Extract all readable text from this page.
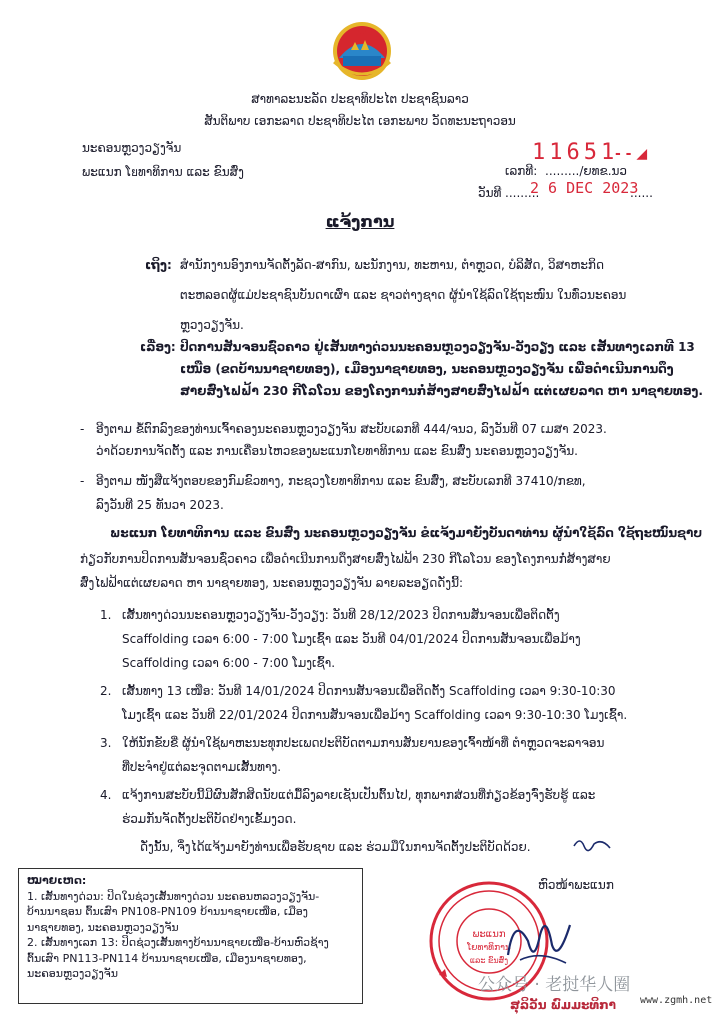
ສາທາລະນະລັດ ປະຊາທິປະໄຕ ປະຊາຊົນລາວ
ສັນຕິພາບ ເອກະລາດ ປະຊາທິປະໄຕ ເອກະພາບ ວັດທະນະຖາວອນ
ນະຄອນຫຼວງວຽງຈັນ
ພະແນກ ໂยທາທິການ ແລະ ຂົນສົ່ງ
11651
- - ◢
ເລກທີ: ........./ຍທຂ.ນວ
2 6 DEC 2023
ວັນທີ .........	......
ແຈ້ງການ
ເຖິງ: ສຳນັກງານອົງການຈັດຕັ້ງລັດ-ສາກົນ, ພະນັກງານ, ທະຫານ, ຕຳຫຼວດ, ບໍລິສັດ, ວິສາຫະກິດ
ຕະຫລອດຜູ້ແມ່ປະຊາຊົນບັນດາເຜົ່າ ແລະ ຊາວຕ່າງຊາດ ຜູ້ນຳໃຊ້ລົດໃຊ້ຖະໜົນ ໃນທົ່ວນະຄອນ
ຫຼວງວຽງຈັນ.
ເລື່ອງ: ປິດການສັນຈອນຊົ່ວຄາວ ຢູ່ເສັ້ນທາງດ່ວນນະຄອນຫຼວງວຽງຈັນ-ວັງວຽງ ແລະ ເສັ້ນທາງເລກທີ 13
ເໜືອ (ຂດບ້ານນາຊາຍທອງ), ເມືອງນາຊາຍທອງ, ນະຄອນຫຼວງວຽງຈັນ ເພື່ອດຳເນີນການດຶງ
ສາຍສົ່ງໄຟຟ້າ 230 ກີໂລໂວນ ຂອງໂຄງການກໍ່ສ້າງສາຍສົ່ງໄຟຟ້າ ແຕ່ເຜຍລາດ ຫາ ນາຊາຍທອງ.
- ອີງຕາມ ຂໍ້ຕົກລົງຂອງທ່ານເຈົ້າຄອງນະຄອນຫຼວງວຽງຈັນ ສະບັບເລກທີ 444/ຈນວ, ລົງວັນທີ 07 ເມສາ 2023.
ວ່າດ້ວຍການຈັດຕັ້ງ ແລະ ການເຄື່ອນໄຫວຂອງພະແນກໂຍທາທິການ ແລະ ຂົນສົ່ງ ນະຄອນຫຼວງວຽງຈັນ.
- ອີງຕາມ ໜັງສືແຈ້ງຕອບຂອງກົມຂົວທາງ, ກະຊວງໂຍທາທິການ ແລະ ຂົນສົ່ງ, ສະບັບເລກທີ 37410/ກຂທ,
ລົງວັນທີ 25 ທັນວາ 2023.
ພະແນກ ໂຍທາທິການ ແລະ ຂົນສົ່ງ ນະຄອນຫຼວງວຽງຈັນ ຂໍແຈ້ງມາຍັງບັນດາທ່ານ ຜູ້ນຳໃຊ້ລົດ ໃຊ້ຖະໜົນຊາບ
ກ່ຽວກັບການປິດການສັນຈອນຊົ່ວຄາວ ເພື່ອດຳເນີນການດຶງສາຍສົ່ງໄຟຟ້າ 230 ກີໂລໂວນ ຂອງໂຄງການກໍ່ສ້າງສາຍ
ສົ່ງໄຟຟ້າແຕ່ເຜຍລາດ ຫາ ນາຊາຍທອງ, ນະຄອນຫຼວງວຽງຈັນ ລາຍລະອຽດດັ່ງນີ້:
1. ເສັ້ນທາງດ່ວນນະຄອນຫຼວງວຽງຈັນ-ວັງວຽງ: ວັນທີ 28/12/2023 ປິດການສັນຈອນເພື່ອຕິດຕັ້ງ
Scaffolding ເວລາ 6:00 - 7:00 ໂມງເຊົ້າ ແລະ ວັນທີ 04/01/2024 ປິດການສັນຈອນເພື່ອມ້າງ
Scaffolding ເວລາ 6:00 - 7:00 ໂມງເຊົ້າ.
2. ເສັ້ນທາງ 13 ເໜືອ: ວັນທີ 14/01/2024 ປິດການສັນຈອນເພື່ອຕິດຕັ້ງ Scaffolding ເວລາ 9:30-10:30
ໂມງເຊົ້າ ແລະ ວັນທີ 22/01/2024 ປິດການສັນຈອນເພື່ອມ້າງ Scaffolding ເວລາ 9:30-10:30 ໂມງເຊົ້າ.
3. ໃຫ້ນັກຂັບຂີ່ ຜູ້ນຳໃຊ້ພາຫະນະທຸກປະເພດປະຕິບັດຕາມການສັນຍານຂອງເຈົ້າໜ້າທີ່ ຕຳຫຼວດຈະລາຈອນ
ທີ່ປະຈຳຢູ່ແຕ່ລະຈຸດຕາມເສັ້ນທາງ.
4. ແຈ້ງການສະບັບນີ້ມີຜົນສັກສິດນັບແຕ່ມື້ລົງລາຍເຊັນເປັນຕົ້ນໄປ, ທຸກພາກສ່ວນທີ່ກ່ຽວຂ້ອງຈົ່ງຮັບຮູ້ ແລະ
ຮ່ວມກັນຈັດຕັ້ງປະຕິບັດຢ່າງເຂັ້ມງວດ.
ດັ່ງນັ້ນ, ຈຶ່ງໄດ້ແຈ້ງມາຍັງທ່ານເພື່ອຮັບຊາບ ແລະ ຮ່ວມມືໃນການຈັດຕັ້ງປະຕິບັດດ້ວຍ.
ໝາຍເຫດ:
1. ເສັ້ນທາງດ່ວນ: ປິດໃນຊ່ວງເສັ້ນທາງດ່ວນ ນະຄອນຫລວງວຽງຈັນ-
ບ້ານນາຊອນ ຕົ້ນເສົາ PN108-PN109 ບ້ານນາຊາຍເໜືອ, ເມືອງ
ນາຊາຍທອງ, ນະຄອນຫຼວງວຽງຈັນ
2. ເສັ້ນທາງເລກ 13: ປິດຊ່ວງເສັ້ນທາງບ້ານນາຊາຍເໜືອ-ບ້ານຫົວຊ້າງ
ຕົ້ນເສົາ PN113-PN114 ບ້ານນາຊາຍເໜືອ, ເມືອງນາຊາຍທອງ,
ນະຄອນຫຼວງວຽງຈັນ
ຫົວໜ້າພະແນກ
ພະແນກ
ໂຍທາທິການ
ແລະ ຂົນສົ່ງ
ສຸລິວັນ ພົມມະທິກາ
公众号 · 老挝华人圈
www.zgmh.net
